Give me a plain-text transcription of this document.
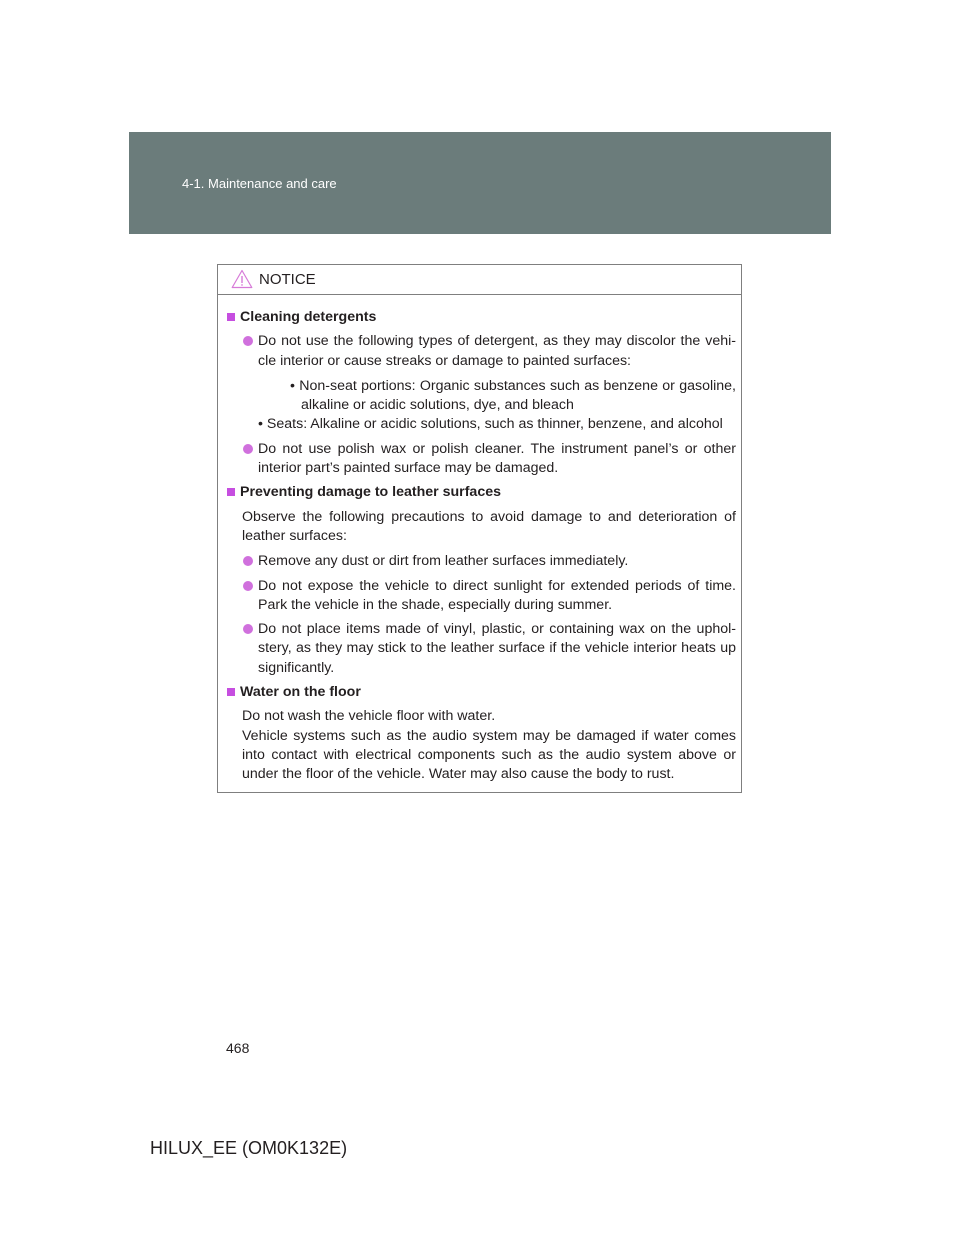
4-1. Maintenance and care
NOTICE
Cleaning detergents
Do not use the following types of detergent, as they may discolor the vehi-cle interior or cause streaks or damage to painted surfaces:

• Non-seat portions: Organic substances such as benzene or gasoline, alkaline or acidic solutions, dye, and bleach

• Seats: Alkaline or acidic solutions, such as thinner, benzene, and alcohol

Do not use polish wax or polish cleaner. The instrument panel’s or other interior part’s painted surface may be damaged.
Preventing damage to leather surfaces
Observe the following precautions to avoid damage to and deterioration of leather surfaces:
Remove any dust or dirt from leather surfaces immediately.
Do not expose the vehicle to direct sunlight for extended periods of time. Park the vehicle in the shade, especially during summer.
Do not place items made of vinyl, plastic, or containing wax on the uphol-stery, as they may stick to the leather surface if the vehicle interior heats up significantly.
Water on the floor
Do not wash the vehicle floor with water.
Vehicle systems such as the audio system may be damaged if water comes into contact with electrical components such as the audio system above or under the floor of the vehicle. Water may also cause the body to rust.
468
HILUX_EE (OM0K132E)
